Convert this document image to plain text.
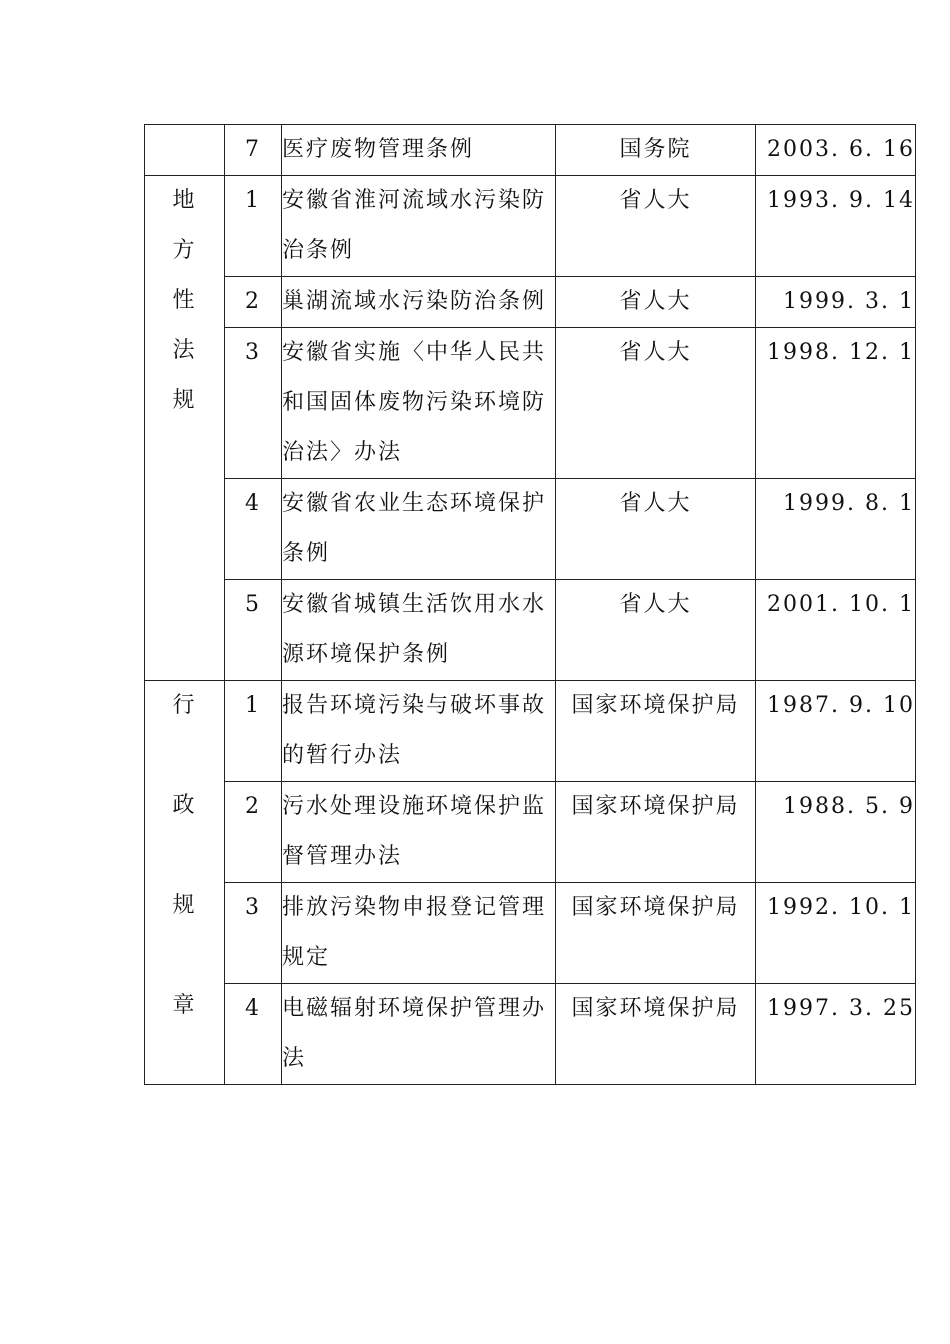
	7	医疗废物管理条例	国务院	2003. 6. 16

地
方
性
法
规	1	安徽省淮河流域水污染防治条例	省人大	1993. 9. 14
	2	巢湖流域水污染防治条例	省人大	1999. 3. 1
	3	安徽省实施〈中华人民共和国固体废物污染环境防治法〉办法	省人大	1998. 12. 1
	4	安徽省农业生态环境保护条例	省人大	1999. 8. 1
	5	安徽省城镇生活饮用水水源环境保护条例	省人大	2001. 10. 1

行
政
规
章	1	报告环境污染与破坏事故的暂行办法	国家环境保护局	1987. 9. 10
	2	污水处理设施环境保护监督管理办法	国家环境保护局	1988. 5. 9
	3	排放污染物申报登记管理规定	国家环境保护局	1992. 10. 1
	4	电磁辐射环境保护管理办法	国家环境保护局	1997. 3. 25
